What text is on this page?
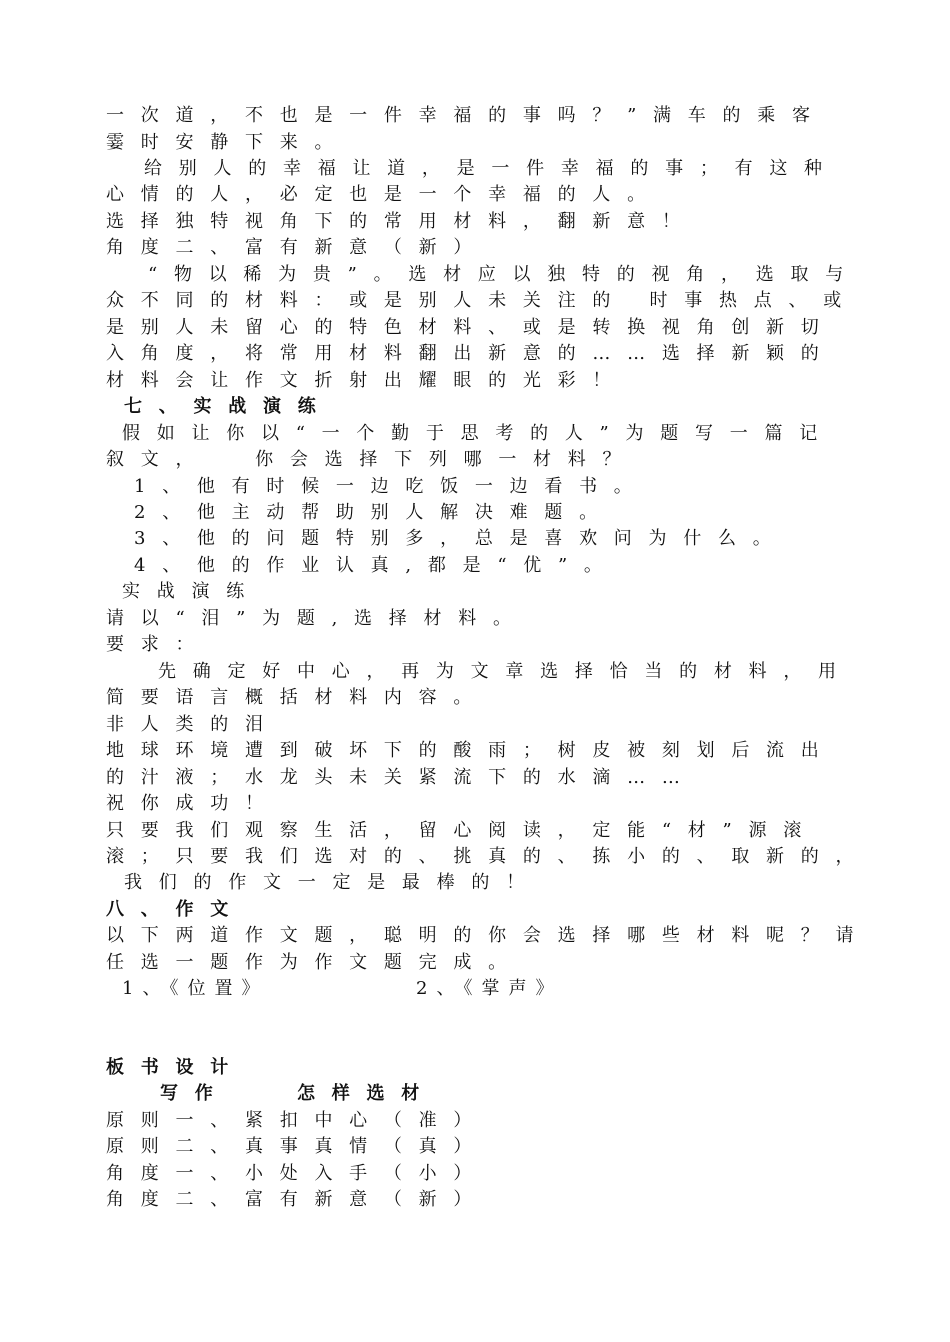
一次道，不也是一件幸福的事吗？”满车的乘客
霎时安静下来。
给别人的幸福让道，是一件幸福的事；有这种
心情的人，必定也是一个幸福的人。
选择独特视角下的常用材料，翻新意！
角度二、富有新意（新）
“物以稀为贵”。选材应以独特的视角，选取与
众不同的材料：或是别人未关注的 时事热点、或
是别人未留心的特色材料、或是转换视角创新切
入角度，将常用材料翻出新意的……选择新颖的
材料会让作文折射出耀眼的光彩！
七、实战演练
假如让你以“一个勤于思考的人”为题写一篇记
叙文，  你会选择下列哪一材料？
1、他有时候一边吃饭一边看书。
2、他主动帮助别人解决难题。
3、他的问题特别多，总是喜欢问为什么。
4、他的作业认真,都是“优”。
实战演练
请以“泪”为题,选择材料。
要求：
先确定好中心，再为文章选择恰当的材料，用
简要语言概括材料内容。
非人类的泪
地球环境遭到破坏下的酸雨；树皮被刻划后流出
的汁液；水龙头未关紧流下的水滴……
祝你成功！
只要我们观察生活，留心阅读，定能“材”源滚
滚；只要我们选对的、挑真的、拣小的、取新的，
我们的作文一定是最棒的！
八、作文
以下两道作文题，聪明的你会选择哪些材料呢？请
任选一题作为作文题完成。
1、《位置》	2、《掌声》
板书设计
写作	怎样选材
原则一、紧扣中心（准）
原则二、真事真情（真）
角度一、小处入手（小）
角度二、富有新意（新）
